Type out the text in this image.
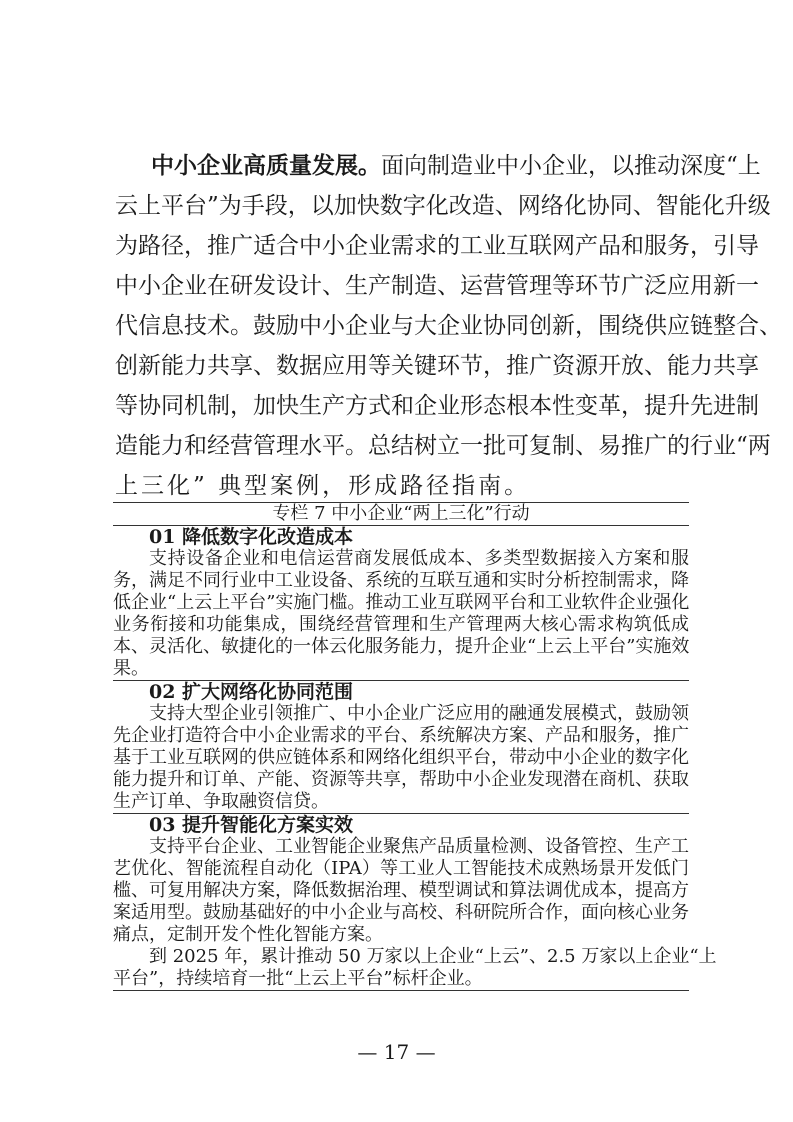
中小企业高质量发展。面向制造业中小企业，以推动深度“上
云上平台”为手段，以加快数字化改造、网络化协同、智能化升级
为路径，推广适合中小企业需求的工业互联网产品和服务，引导
中小企业在研发设计、生产制造、运营管理等环节广泛应用新一
代信息技术。鼓励中小企业与大企业协同创新，围绕供应链整合、
创新能力共享、数据应用等关键环节，推广资源开放、能力共享
等协同机制，加快生产方式和企业形态根本性变革，提升先进制
造能力和经营管理水平。总结树立一批可复制、易推广的行业“两
上三化” 典型案例，形成路径指南。
专栏 7 中小企业“两上三化”行动
01 降低数字化改造成本
支持设备企业和电信运营商发展低成本、多类型数据接入方案和服
务，满足不同行业中工业设备、系统的互联互通和实时分析控制需求，降
低企业“上云上平台”实施门槛。推动工业互联网平台和工业软件企业强化
业务衔接和功能集成，围绕经营管理和生产管理两大核心需求构筑低成
本、灵活化、敏捷化的一体云化服务能力，提升企业“上云上平台”实施效
果。
02 扩大网络化协同范围
支持大型企业引领推广、中小企业广泛应用的融通发展模式，鼓励领
先企业打造符合中小企业需求的平台、系统解决方案、产品和服务，推广
基于工业互联网的供应链体系和网络化组织平台，带动中小企业的数字化
能力提升和订单、产能、资源等共享，帮助中小企业发现潜在商机、获取
生产订单、争取融资信贷。
03 提升智能化方案实效
支持平台企业、工业智能企业聚焦产品质量检测、设备管控、生产工
艺优化、智能流程自动化（IPA）等工业人工智能技术成熟场景开发低门
槛、可复用解决方案，降低数据治理、模型调试和算法调优成本，提高方
案适用型。鼓励基础好的中小企业与高校、科研院所合作，面向核心业务
痛点，定制开发个性化智能方案。
到 2025 年，累计推动 50 万家以上企业“上云”、2.5 万家以上企业“上
平台”，持续培育一批“上云上平台”标杆企业。
— 17 —
